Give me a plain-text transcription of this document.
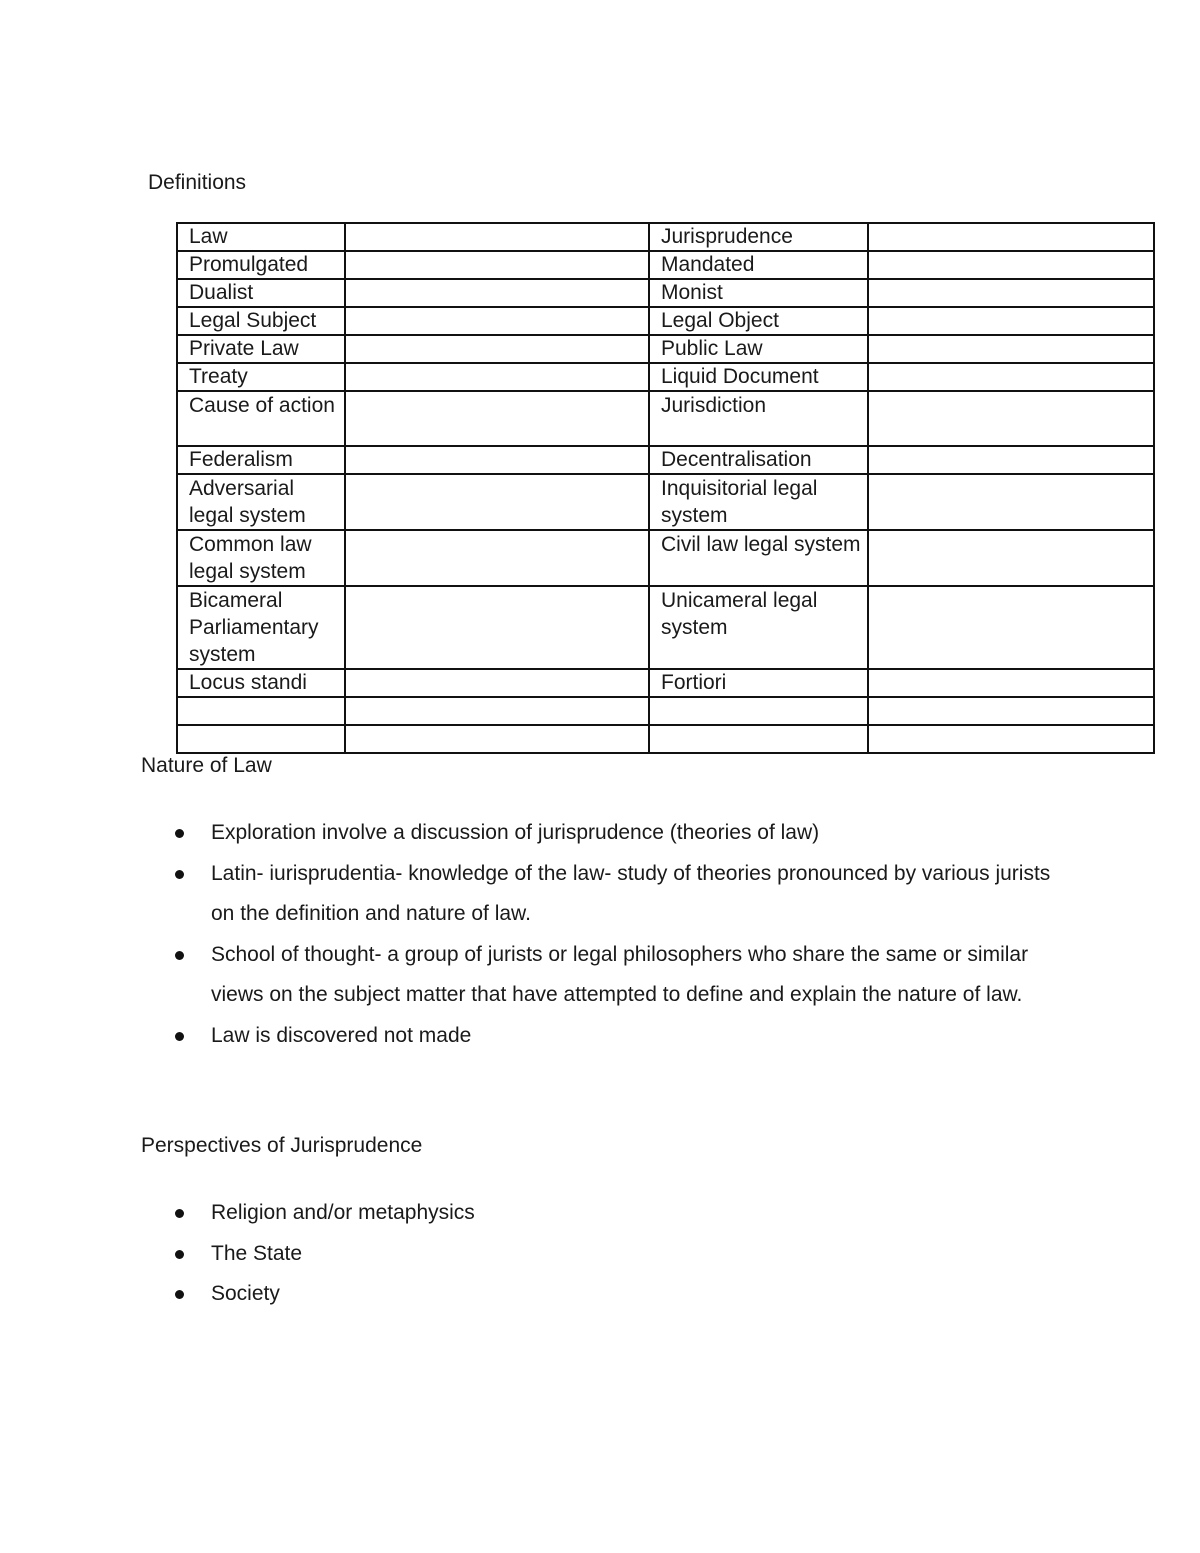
Definitions
Law		Jurisprudence	
Promulgated		Mandated	
Dualist		Monist	
Legal Subject		Legal Object	
Private Law		Public Law	
Treaty		Liquid Document	
Cause of action		Jurisdiction	
Federalism		Decentralisation	
Adversarial legal system		Inquisitorial legal system	
Common law legal system		Civil law legal system	
Bicameral Parliamentary system		Unicameral legal system	
Locus standi		Fortiori	

Nature of Law
Exploration involve a discussion of jurisprudence (theories of law)
Latin- iurisprudentia- knowledge of the law- study of theories pronounced by various jurists on the definition and nature of law.
School of thought- a group of jurists or legal philosophers who share the same or similar views on the subject matter that have attempted to define and explain the nature of law.
Law is discovered not made
Perspectives of Jurisprudence
Religion and/or metaphysics
The State
Society
